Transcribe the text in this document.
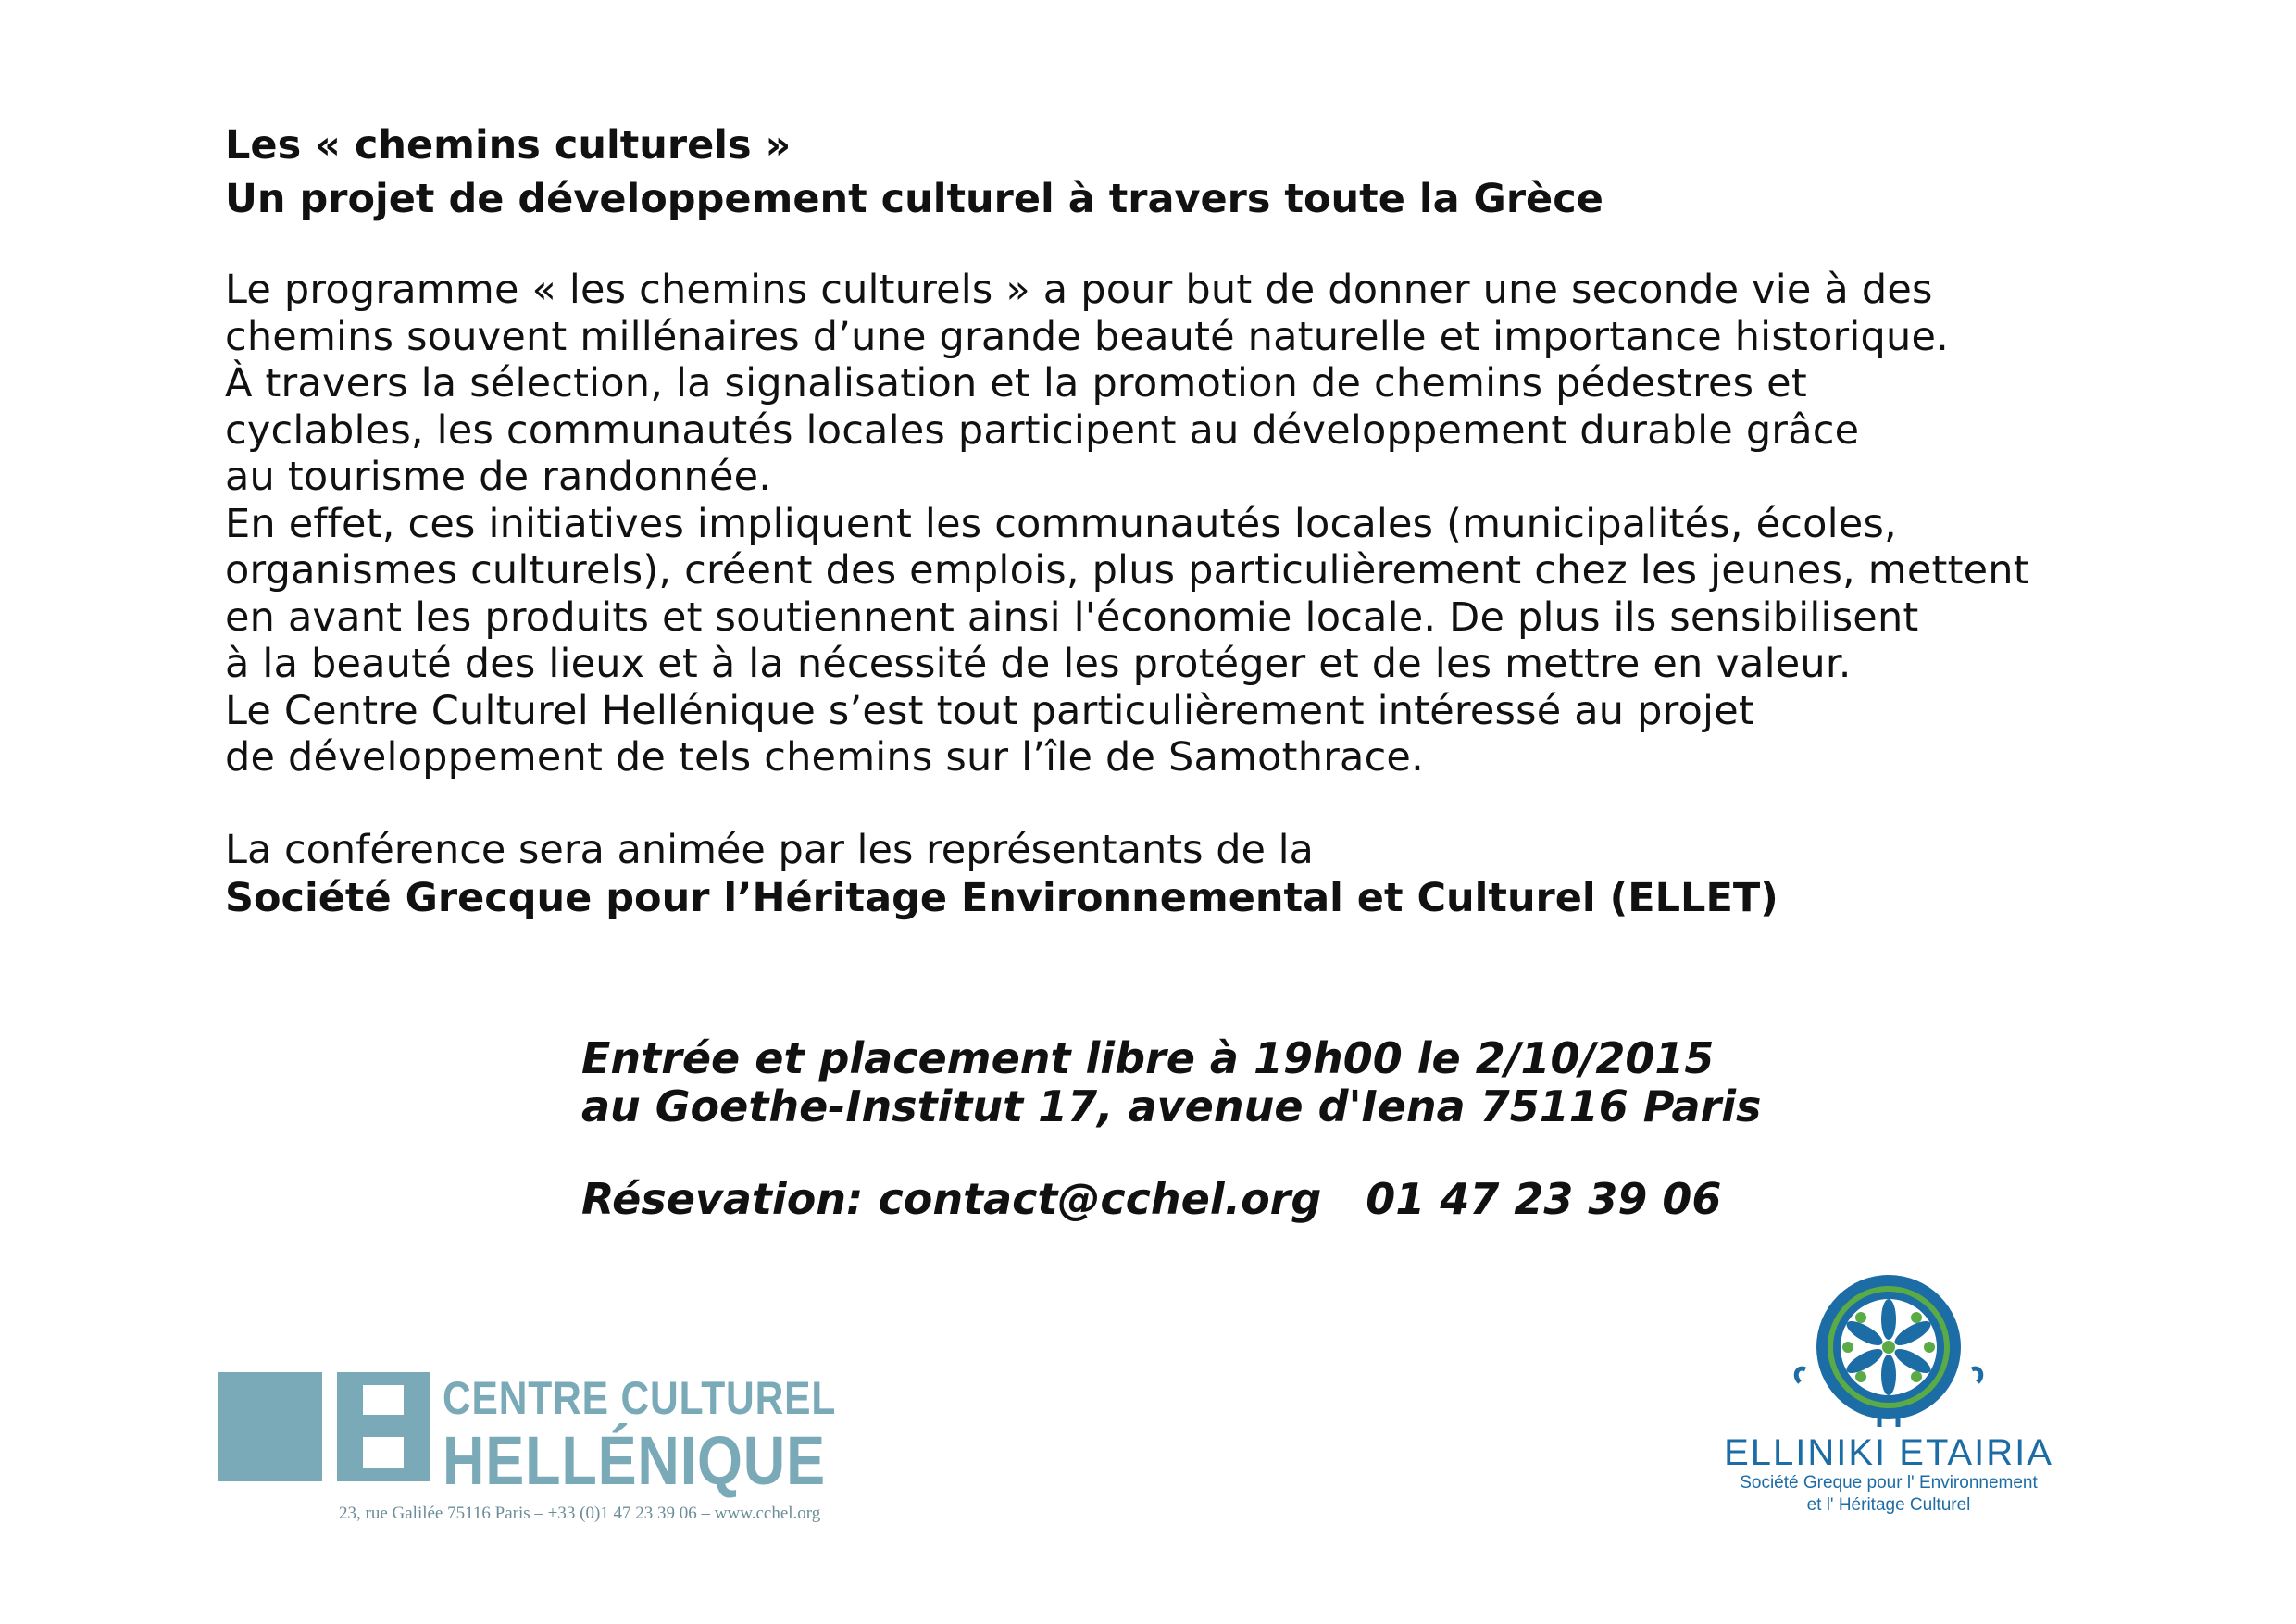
Les « chemins culturels »
Un projet de développement culturel à travers toute la Grèce
Le programme « les chemins culturels » a pour but de donner une seconde vie à des
chemins souvent millénaires d’une grande beauté naturelle et importance historique.
À travers la sélection, la signalisation et la promotion de chemins pédestres et
cyclables, les communautés locales participent au développement durable grâce
au tourisme de randonnée.
En effet, ces initiatives impliquent les communautés locales (municipalités, écoles,
organismes culturels), créent des emplois, plus particulièrement chez les jeunes, mettent
en avant les produits et soutiennent ainsi l'économie locale. De plus ils sensibilisent
à la beauté des lieux et à la nécessité de les protéger et de les mettre en valeur.
Le Centre Culturel Hellénique s’est tout particulièrement intéressé au projet
de développement de tels chemins sur l’île de Samothrace.
La conférence sera animée par les représentants de la
Société Grecque pour l’Héritage Environnemental et Culturel (ELLET)
Entrée et placement libre à 19h00 le 2/10/2015
au Goethe-Institut 17, avenue d'Iena 75116 Paris
Résevation: contact@cchel.org 01 47 23 39 06
CENTRE CULTUREL
HELLÉNIQUE
23, rue Galilée 75116 Paris – +33 (0)1 47 23 39 06 – www.cchel.org
ELLINIKI ETAIRIA
Société Greque pour l' Environnement
et l' Héritage Culturel
